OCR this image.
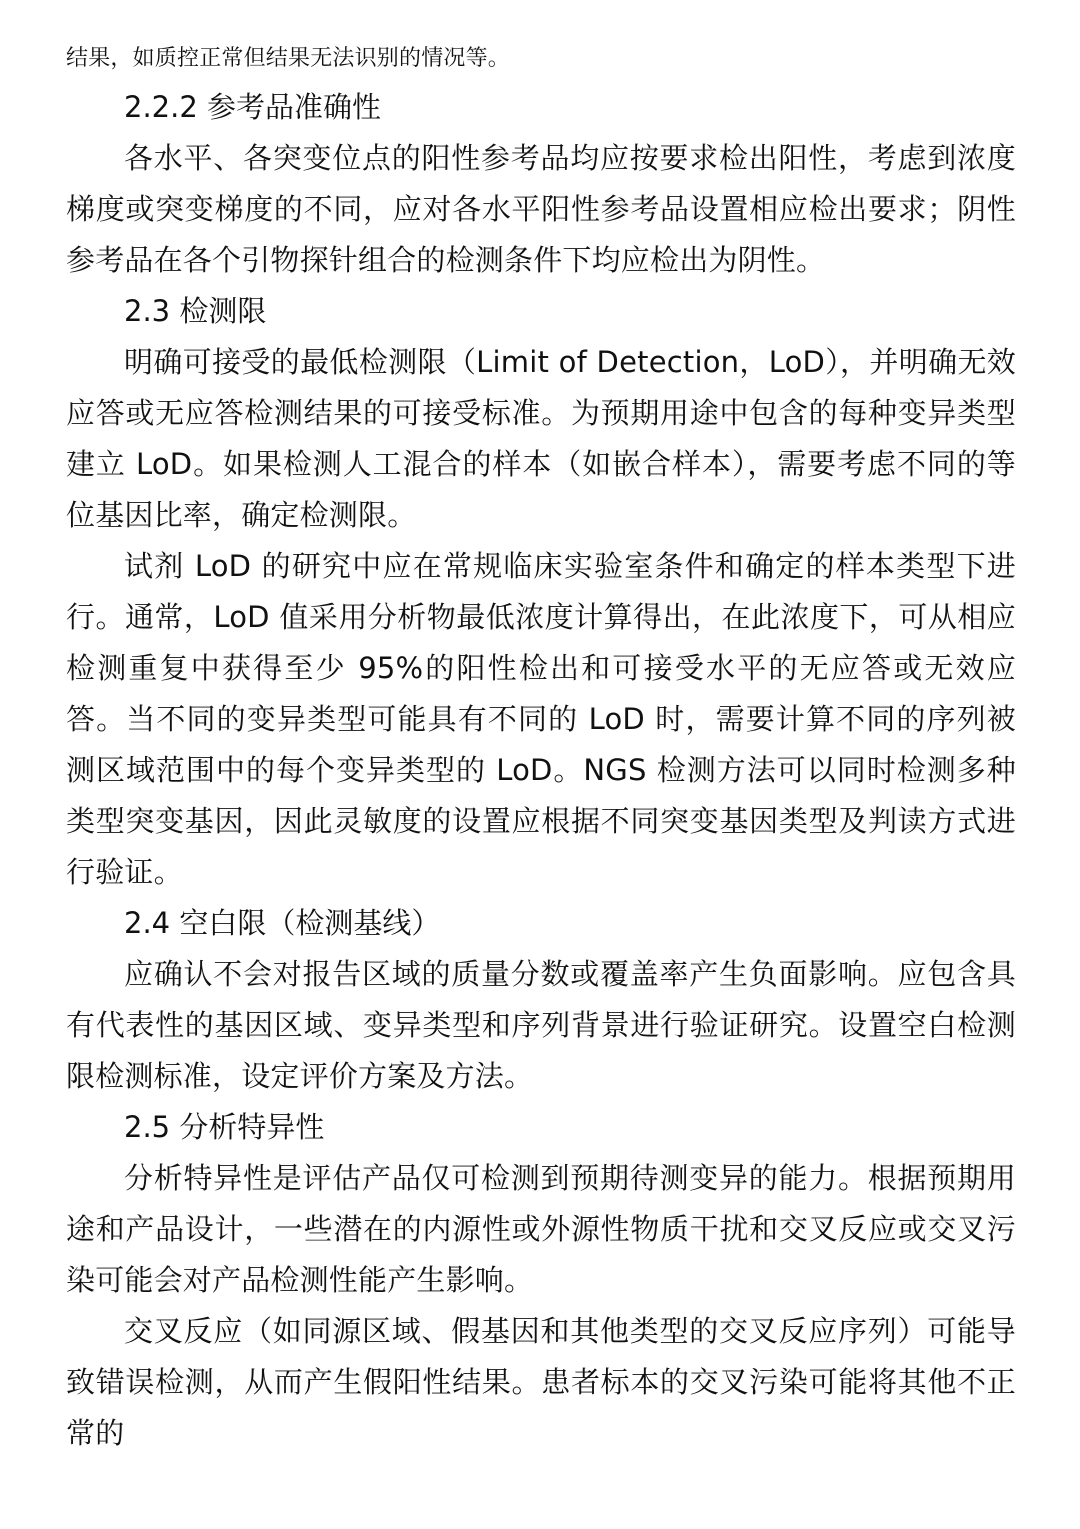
结果，如质控正常但结果无法识别的情况等。

2.2.2 参考品准确性

各水平、各突变位点的阳性参考品均应按要求检出阳性，考虑到浓度梯度或突变梯度的不同，应对各水平阳性参考品设置相应检出要求；阴性参考品在各个引物探针组合的检测条件下均应检出为阴性。

2.3 检测限

明确可接受的最低检测限（Limit of Detection，LoD），并明确无效应答或无应答检测结果的可接受标准。为预期用途中包含的每种变异类型建立 LoD。如果检测人工混合的样本（如嵌合样本），需要考虑不同的等位基因比率，确定检测限。

试剂 LoD 的研究中应在常规临床实验室条件和确定的样本类型下进行。通常，LoD 值采用分析物最低浓度计算得出，在此浓度下，可从相应检测重复中获得至少 95%的阳性检出和可接受水平的无应答或无效应答。当不同的变异类型可能具有不同的 LoD 时，需要计算不同的序列被测区域范围中的每个变异类型的 LoD。NGS 检测方法可以同时检测多种类型突变基因，因此灵敏度的设置应根据不同突变基因类型及判读方式进行验证。

2.4 空白限（检测基线）

应确认不会对报告区域的质量分数或覆盖率产生负面影响。应包含具有代表性的基因区域、变异类型和序列背景进行验证研究。设置空白检测限检测标准，设定评价方案及方法。

2.5 分析特异性

分析特异性是评估产品仅可检测到预期待测变异的能力。根据预期用途和产品设计，一些潜在的内源性或外源性物质干扰和交叉反应或交叉污染可能会对产品检测性能产生影响。

交叉反应（如同源区域、假基因和其他类型的交叉反应序列）可能导致错误检测，从而产生假阳性结果。患者标本的交叉污染可能将其他不正常的
